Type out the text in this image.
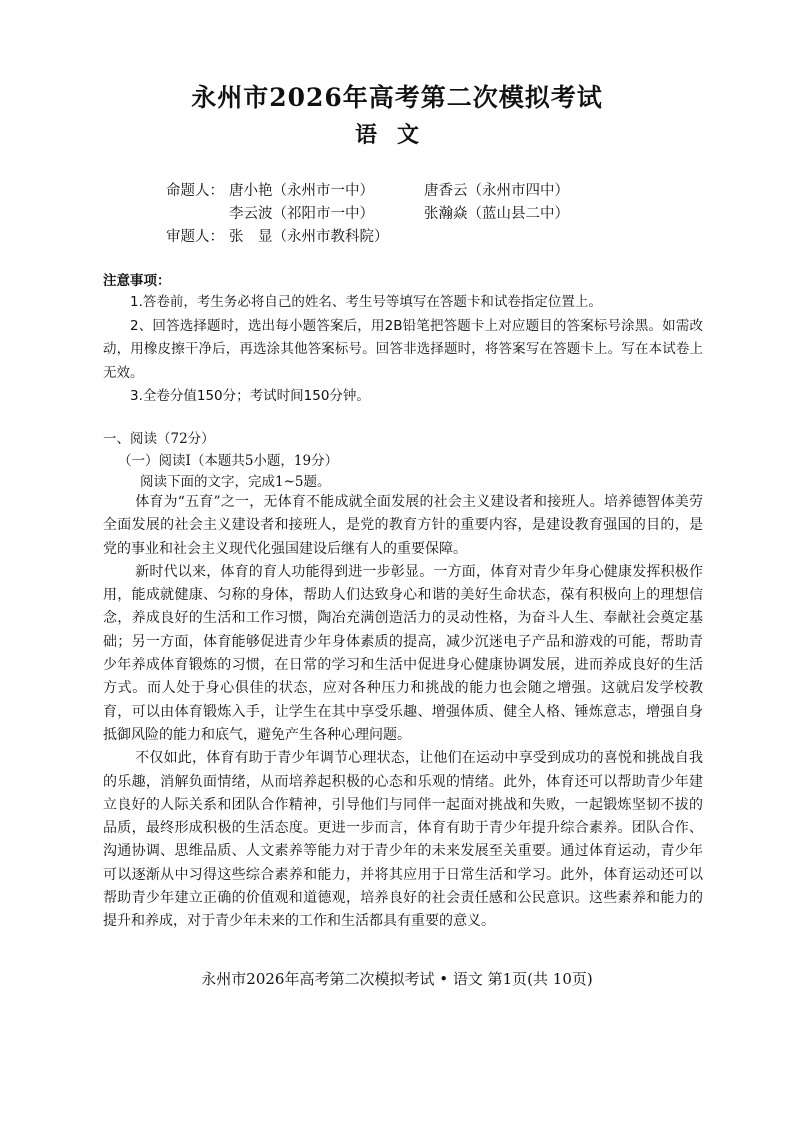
永州市2026年高考第二次模拟考试
语文
命题人： 唐小艳（永州市一中）	唐香云（永州市四中）
李云波（祁阳市一中）	张瀚焱（蓝山县二中）
审题人： 张　显（永州市教科院）
注意事项：

1.答卷前，考生务必将自己的姓名、考生号等填写在答题卡和试卷指定位置上。

2、回答选择题时，选出每小题答案后，用2B铅笔把答题卡上对应题目的答案标号涂黑。如需改动，用橡皮擦干净后，再选涂其他答案标号。回答非选择题时，将答案写在答题卡上。写在本试卷上无效。

3.全卷分值150分；考试时间150分钟。

一、阅读（72分）
（一）阅读Ⅰ（本题共5小题，19分）
阅读下面的文字，完成1~5题。

体育为“五育”之一，无体育不能成就全面发展的社会主义建设者和接班人。培养德智体美劳全面发展的社会主义建设者和接班人，是党的教育方针的重要内容，是建设教育强国的目的，是党的事业和社会主义现代化强国建设后继有人的重要保障。

新时代以来，体育的育人功能得到进一步彰显。一方面，体育对青少年身心健康发挥积极作用，能成就健康、匀称的身体，帮助人们达致身心和谐的美好生命状态，葆有积极向上的理想信念，养成良好的生活和工作习惯，陶冶充满创造活力的灵动性格，为奋斗人生、奉献社会奠定基础；另一方面，体育能够促进青少年身体素质的提高，减少沉迷电子产品和游戏的可能，帮助青少年养成体育锻炼的习惯，在日常的学习和生活中促进身心健康协调发展，进而养成良好的生活方式。而人处于身心俱佳的状态，应对各种压力和挑战的能力也会随之增强。这就启发学校教育，可以由体育锻炼入手，让学生在其中享受乐趣、增强体质、健全人格、锤炼意志，增强自身抵御风险的能力和底气，避免产生各种心理问题。

不仅如此，体育有助于青少年调节心理状态，让他们在运动中享受到成功的喜悦和挑战自我的乐趣，消解负面情绪，从而培养起积极的心态和乐观的情绪。此外，体育还可以帮助青少年建立良好的人际关系和团队合作精神，引导他们与同伴一起面对挑战和失败，一起锻炼坚韧不拔的品质，最终形成积极的生活态度。更进一步而言，体育有助于青少年提升综合素养。团队合作、沟通协调、思维品质、人文素养等能力对于青少年的未来发展至关重要。通过体育运动，青少年可以逐渐从中习得这些综合素养和能力，并将其应用于日常生活和学习。此外，体育运动还可以帮助青少年建立正确的价值观和道德观，培养良好的社会责任感和公民意识。这些素养和能力的提升和养成，对于青少年未来的工作和生活都具有重要的意义。

永州市2026年高考第二次模拟考试 • 语文 第1页(共 10页)
